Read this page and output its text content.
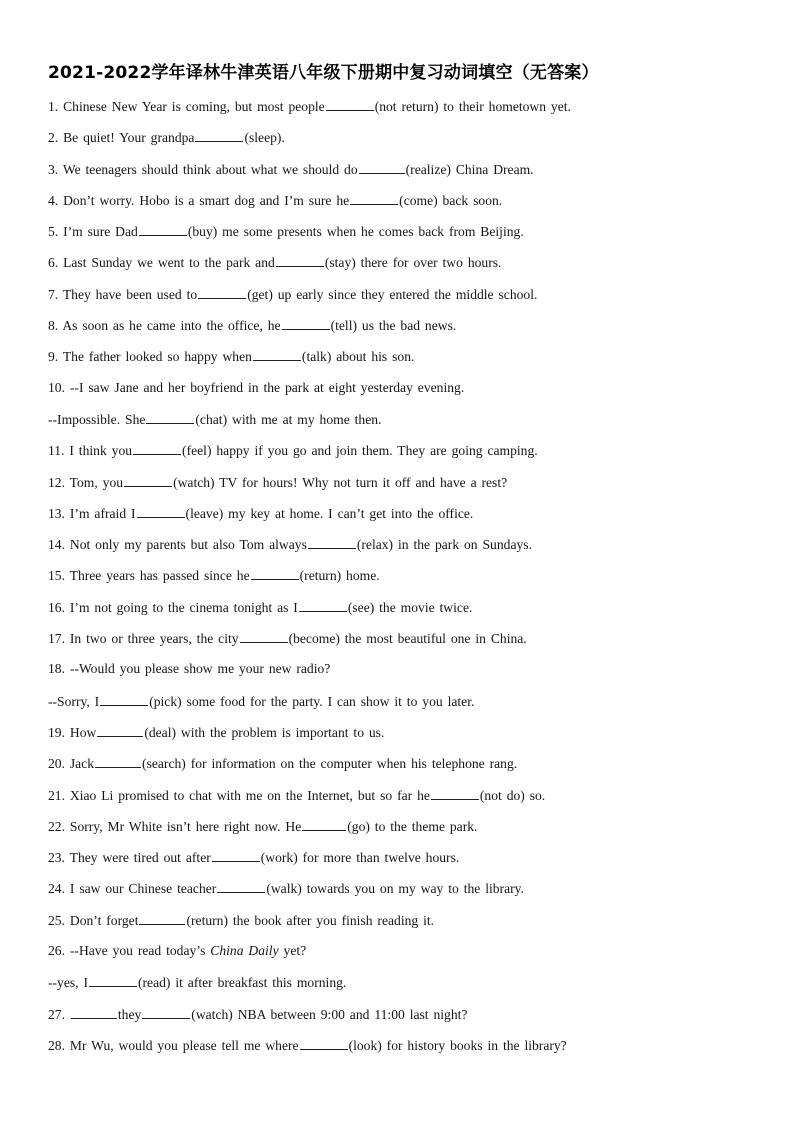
2021-2022学年译林牛津英语八年级下册期中复习动词填空（无答案）
1. Chinese New Year is coming, but most people	(not return) to their hometown yet.
2. Be quiet! Your grandpa	(sleep).
3. We teenagers should think about what we should do	(realize) China Dream.
4. Don’t worry. Hobo is a smart dog and I’m sure he	(come) back soon.
5. I’m sure Dad	(buy) me some presents when he comes back from Beijing.
6. Last Sunday we went to the park and	(stay) there for over two hours.
7. They have been used to	(get) up early since they entered the middle school.
8. As soon as he came into the office, he	(tell) us the bad news.
9. The father looked so happy when	(talk) about his son.
10. --I saw Jane and her boyfriend in the park at eight yesterday evening.
--Impossible. She	(chat) with me at my home then.
11. I think you	(feel) happy if you go and join them. They are going camping.
12. Tom, you	(watch) TV for hours! Why not turn it off and have a rest?
13. I’m afraid I	(leave) my key at home. I can’t get into the office.
14. Not only my parents but also Tom always	(relax) in the park on Sundays.
15. Three years has passed since he	(return) home.
16. I’m not going to the cinema tonight as I	(see) the movie twice.
17. In two or three years, the city	(become) the most beautiful one in China.
18. --Would you please show me your new radio?
--Sorry, I	(pick) some food for the party. I can show it to you later.
19. How	(deal) with the problem is important to us.
20. Jack	(search) for information on the computer when his telephone rang.
21. Xiao Li promised to chat with me on the Internet, but so far he	(not do) so.
22. Sorry, Mr White isn’t here right now. He	(go) to the theme park.
23. They were tired out after	(work) for more than twelve hours.
24. I saw our Chinese teacher	(walk) towards you on my way to the library.
25. Don’t forget	(return) the book after you finish reading it.
26. --Have you read today’s China Daily yet?
--yes, I	(read) it after breakfast this morning.
27.	they	(watch) NBA between 9:00 and 11:00 last night?
28. Mr Wu, would you please tell me where	(look) for history books in the library?
